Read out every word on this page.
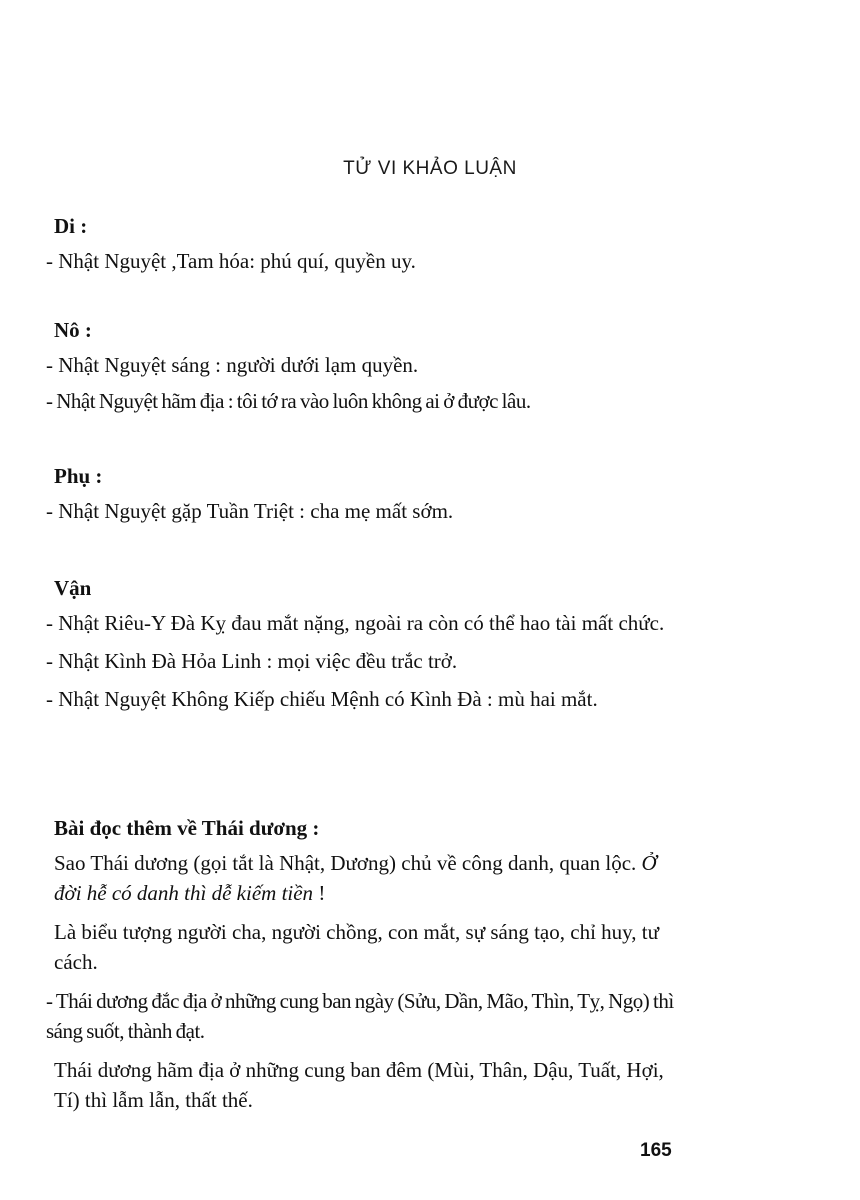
TỬ VI KHẢO LUẬN
Di :
- Nhật Nguyệt ,Tam hóa: phú quí, quyền uy.
Nô :
- Nhật Nguyệt sáng : người dưới lạm quyền.
- Nhật Nguyệt hãm địa : tôi tớ ra vào luôn không ai ở được lâu.
Phụ :
- Nhật Nguyệt gặp Tuần Triệt : cha mẹ mất sớm.
Vận
- Nhật Riêu-Y Đà Kỵ đau mắt nặng, ngoài ra còn có thể hao tài mất chức.
- Nhật Kình Đà Hỏa Linh : mọi việc đều trắc trở.
- Nhật Nguyệt Không Kiếp chiếu Mệnh có Kình Đà : mù hai mắt.
Bài đọc thêm về Thái dương :
Sao Thái dương (gọi tắt là Nhật, Dương) chủ về công danh, quan lộc. Ở đời hễ có danh thì dễ kiếm tiền !
Là biểu tượng người cha, người chồng, con mắt, sự sáng tạo, chỉ huy, tư cách.
- Thái dương đắc địa ở những cung ban ngày (Sửu, Dần, Mão, Thìn, Tỵ, Ngọ) thì sáng suốt, thành đạt.
Thái dương hãm địa ở những cung ban đêm (Mùi, Thân, Dậu, Tuất, Hợi, Tí) thì lẫm lẫn, thất thế.
165
